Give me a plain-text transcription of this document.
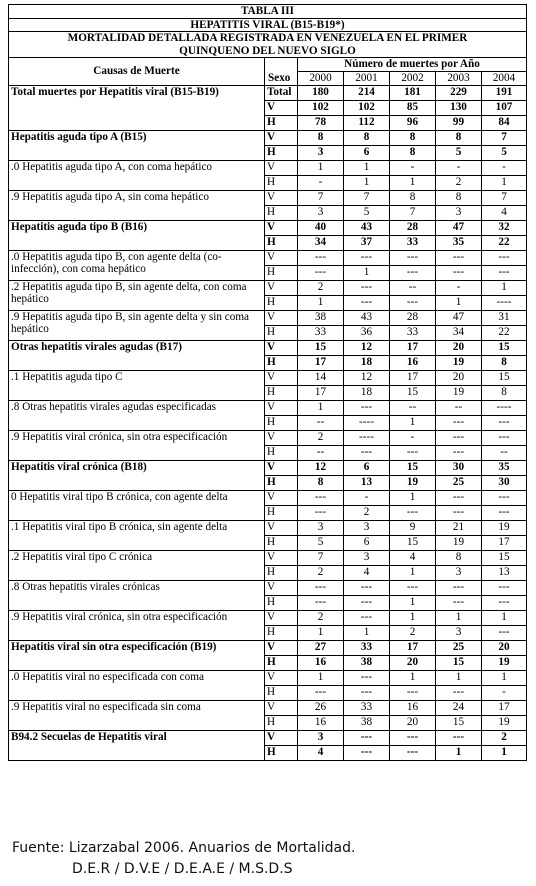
TABLA III						
HEPATITIS VIRAL (B15-B19*)						

MORTALIDAD DETALLADA REGISTRADA EN VENEZUELA EN EL PRIMER
QUINQUENO DEL NUEVO SIGLO						

Causas de Muerte		Número de muertes por Año				
	Sexo	2000	2001	2002	2003	2004
Total muertes por Hepatitis viral (B15-B19)	Total	180	214	181	229	191
	V	102	102	85	130	107
	H	78	112	96	99	84
Hepatitis aguda tipo A (B15)	V	8	8	8	8	7
	H	3	6	8	5	5
.0 Hepatitis aguda tipo A, con coma hepático	V	1	1	-	-	-
	H	-	1	1	2	1
.9 Hepatitis aguda tipo A, sin coma hepático	V	7	7	8	8	7
	H	3	5	7	3	4
Hepatitis aguda tipo B (B16)	V	40	43	28	47	32
	H	34	37	33	35	22
.0 Hepatitis aguda tipo B, con agente delta (co-infección), con coma hepático	V	---	---	---	---	---
	H	---	1	---	---	---
.2 Hepatitis aguda tipo B, sin agente delta, con coma hepático	V	2	---	--	-	1
	H	1	---	---	1	----
.9 Hepatitis aguda tipo B, sin agente delta y sin coma hepático	V	38	43	28	47	31
	H	33	36	33	34	22
Otras hepatitis virales agudas (B17)	V	15	12	17	20	15
	H	17	18	16	19	8
.1 Hepatitis aguda tipo C	V	14	12	17	20	15
	H	17	18	15	19	8
.8 Otras hepatitis virales agudas especificadas	V	1	---	--	--	----
	H	--	----	1	---	---
.9 Hepatitis viral crónica, sin otra especificación	V	2	----	-	---	---
	H	--	---	---	---	--
Hepatitis viral crónica (B18)	V	12	6	15	30	35
	H	8	13	19	25	30
0 Hepatitis viral tipo B crónica, con agente delta	V	---	-	1	---	---
	H	---	2	---	---	---
.1 Hepatitis viral tipo B crónica, sin agente delta	V	3	3	9	21	19
	H	5	6	15	19	17
.2 Hepatitis viral tipo C crónica	V	7	3	4	8	15
	H	2	4	1	3	13
.8 Otras hepatitis virales crónicas	V	---	---	---	---	---
	H	---	---	1	---	---
.9 Hepatitis viral crónica, sin otra especificación	V	2	---	1	1	1
	H	1	1	2	3	---
Hepatitis viral sin otra especificación (B19)	V	27	33	17	25	20
	H	16	38	20	15	19
.0 Hepatitis viral no especificada con coma	V	1	---	1	1	1
	H	---	---	---	---	-
.9 Hepatitis viral no especificada sin coma	V	26	33	16	24	17
	H	16	38	20	15	19
B94.2 Secuelas de Hepatitis viral	V	3	---	---	---	2
	H	4	---	---	1	1
Fuente: Lizarzabal 2006. Anuarios de Mortalidad.
D.E.R / D.V.E / D.E.A.E / M.S.D.S
